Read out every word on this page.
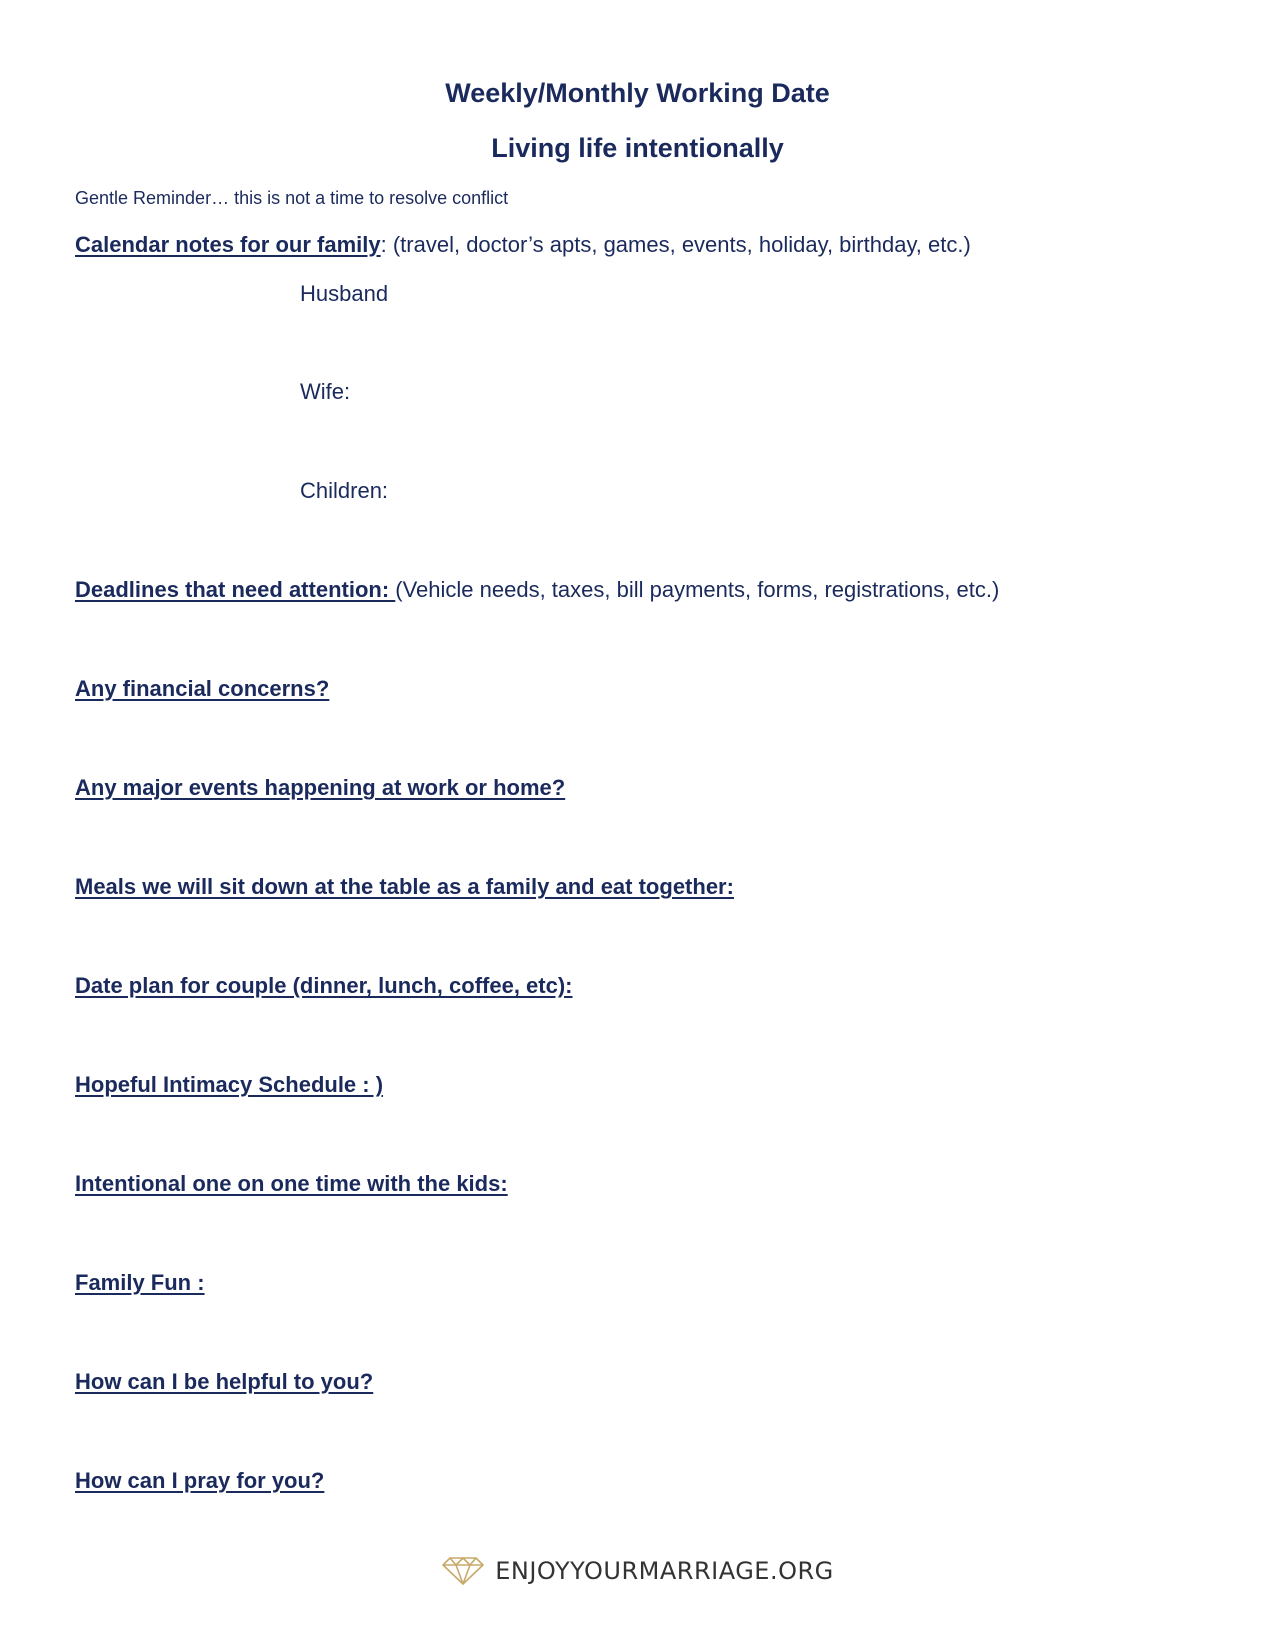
Weekly/Monthly Working Date
Living life intentionally
Gentle Reminder… this is not a time to resolve conflict
Calendar notes for our family: (travel, doctor’s apts, games, events, holiday, birthday, etc.)
Husband
Wife:
Children:
Deadlines that need attention: (Vehicle needs, taxes, bill payments, forms, registrations, etc.)
Any financial concerns?
Any major events happening at work or home?
Meals we will sit down at the table as a family and eat together:
Date plan for couple (dinner, lunch, coffee, etc):
Hopeful Intimacy Schedule : )
Intentional one on one time with the kids:
Family Fun :
How can I be helpful to you?
How can I pray for you?
ENJOYYOURMARRIAGE.ORG
